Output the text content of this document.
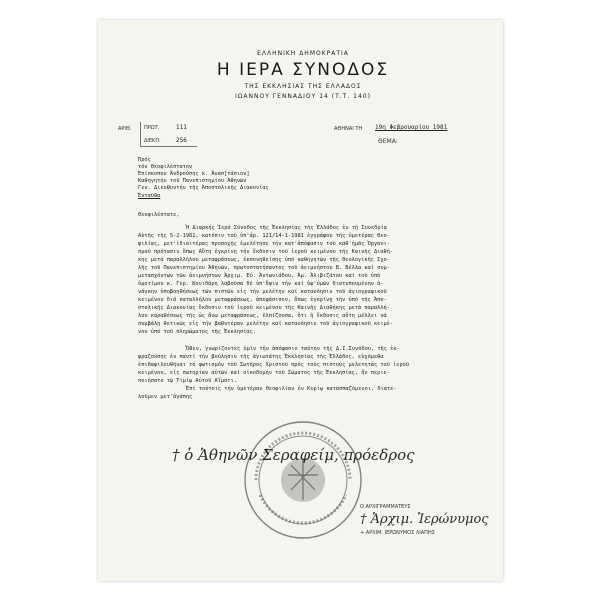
ΕΛΛΗΝΙΚΗ ΔΗΜΟΚΡΑΤΙΑ
Η ΙΕΡΑ ΣΥΝΟΔΟΣ
ΤΗΣ ΕΚΚΛΗΣΙΑΣ ΤΗΣ ΕΛΛΑΔΟΣ
ΙΩΑΝΝΟΥ ΓΕΝΝΑΔΙΟΥ 14 (Τ.Τ. 140)
ΑΡΙΘ.	ΠΡΩΤ.	111
ΔΙΕΚΠ.	256
ΑΘΗΝΑΙ ΤΗ 19η Φεβρουαρίου 1981
ΘΕΜΑ:
Πρός
τόν Θεοφιλέστατον
Ἐπίσκοπον Ἀνδρούσης κ. Ἀνασ[τάσιον]
Καθηγητήν τοῦ Πανεπιστημίου Ἀθηνῶν
Γεν. Διευθυντήν τῆς Ἀποστολικῆς Διακονίας
Ἐνταῦθα
Θεοφιλέστατε,
Ἡ Διαρκής Ἱερά Σύνοδος τῆς Ἐκκλησίας τῆς Ἑλλάδος ἐν τῇ Συνεδρίᾳ
Αὐτῆς τῆς 5-2-1981, κατόπιν τοῦ ὑπ'ἀρ. 121/14-1-1981 ἐγγράφου τῆς ὑμετέρας Θεο-
φιλίας, μετ'ἰδιαιτέρας προσοχῆς ἐμελέτησε τήν κατ'ἀπόφασιν τοῦ καθ'ἡμᾶς Ὀργανι-
σμοῦ πρότασιν ὅπως Αὕτη ἐγκρίνῃ τήν ἔκδοσιν τοῦ ἱεροῦ κειμένου τῆς Καινῆς Διαθή-
κης μετά παραλλήλου μεταφράσεως, ἐκπονηθείσης ὑπό καθηγητῶν τῆς Θεολογικῆς Σχο-
λῆς τοῦ Πανεπιστημίου Ἀθηνῶν, πρωτοστατήσαντος τοῦ ἀειμνήστου Β. Βέλλα καί συμ-
μετασχόντων τῶν ἀειμνήστων Ἀρχιμ. Εὐ. Ἀντωνιάδου, Ἀμ. Ἀλιβιζάτου καί τοῦ ὑπό
ὁμοτίμου κ. Γερ. Κονιδάρη λαβοῦσα δέ ὑπ'ὄψιν τήν καί ὑφ'ὑμῶν διατυπουμένην ἀ-
νάγκην ὑποβοηθήσεως τῶν πιστῶν εἰς τήν μελέτην καί κατανόησιν τοῦ ἁγιογραφικοῦ
κειμένου διά καταλλήλου μεταφράσεως, ἀπεφάσισεν, ὅπως ἐγκρίνῃ τήν ὑπό τῆς Ἀπο-
στολικῆς Διακονίας ἔκδοσιν τοῦ ἱεροῦ κειμένου τῆς Καινῆς Διαθήκης μετά παραλλή-
λου καραθέσεως τῆς ὡς ἄνω μεταφράσεως, ἐλπίζουσα, ὅτι ἡ ἔκδοσις αὕτη μέλλει νά
συμβάλῃ θετικῶς εἰς τήν βαθυτέραν μελέτην καί κατανόησιν τοῦ ἁγιογραφικοῦ κειμέ-
νου ὑπό τοῦ πληρώματος τῆς Ἐκκλησίας.
Ὅθεν, γνωρίζοντες ὑμῖν τήν ἀπόφασιν ταύτην τῆς Δ.Ι.Συνόδου, τῆς ἐκ-
φραζούσης ἐν παντί τήν βούλησιν τῆς ἁγιωτάτης Ἐκκλησίας τῆς Ἑλλάδος, εὐχόμεθα
ἐπιδαψιλευθῆναι τό φωτισμόν τοῦ Σωτῆρος Χριστοῦ πρός τούς πιστούς μελετητάς τοῦ ἱεροῦ
κειμένου, εἰς σωτηρίαν αὐτῶν καί οἰκοδομήν τοῦ Σώματος τῆς Ἐκκλησίας, ἥν περιε-
ποιήσατο τῷ Τιμίῳ Αὐτοῦ Αἵματι.
Ἐπί τούτοις τήν ὑμετέραν Θεοφιλίαν ἐν Κυρίῳ κατασπαζόμενοι, διατε-
λοῦμεν μετ'ἀγάπης
† ὁ Ἀθηνῶν Σεραφείμ, πρόεδρος
Ο ΑΡΧΙΓΡΑΜΜΑΤΕΥΣ
† Ἀρχιμ. Ἱερώνυμος
+ ΑΡΧΙΜ. ΙΕΡΩΝΥΜΟΣ ΛΙΑΠΗΣ
